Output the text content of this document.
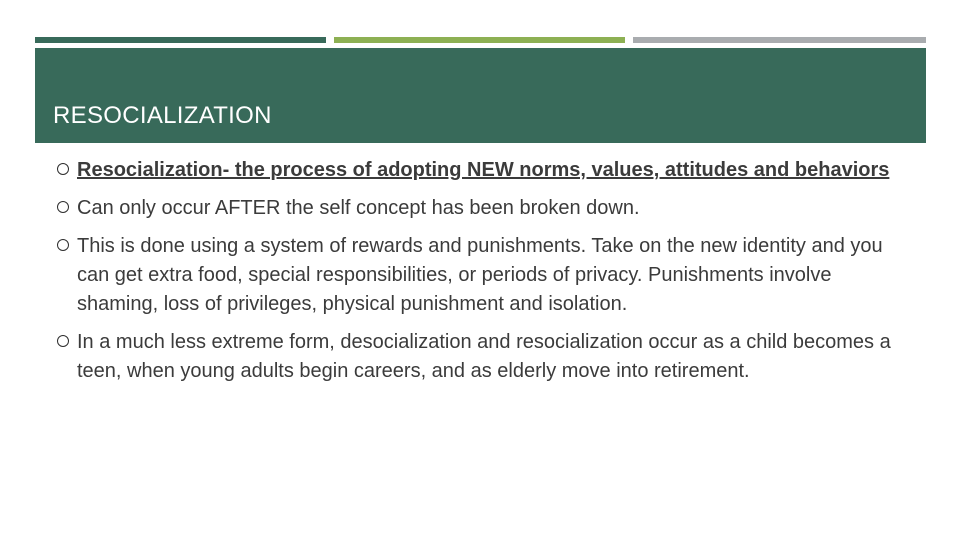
RESOCIALIZATION
Resocialization- the process of adopting NEW norms, values, attitudes and behaviors
Can only occur AFTER the self concept has been broken down.
This is done using a system of rewards and punishments. Take on the new identity and you can get extra food, special responsibilities, or periods of privacy. Punishments involve shaming, loss of privileges, physical punishment and isolation.
In a much less extreme form, desocialization and resocialization occur as a child becomes a teen, when young adults begin careers, and as elderly move into retirement.
